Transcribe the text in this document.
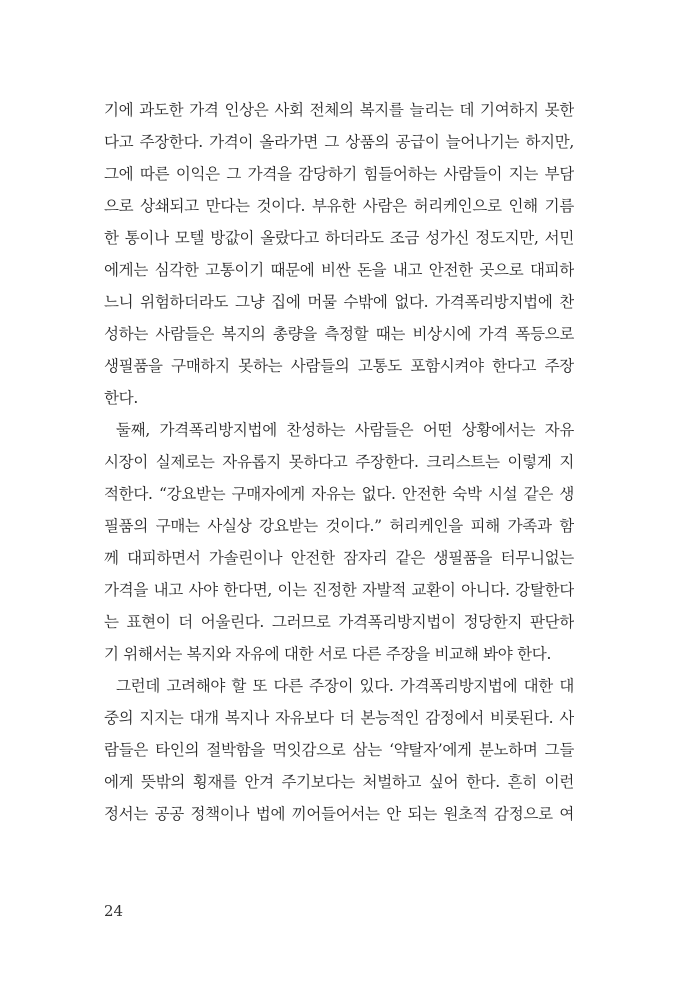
기에 과도한 가격 인상은 사회 전체의 복지를 늘리는 데 기여하지 못한
다고 주장한다. 가격이 올라가면 그 상품의 공급이 늘어나기는 하지만,
그에 따른 이익은 그 가격을 감당하기 힘들어하는 사람들이 지는 부담
으로 상쇄되고 만다는 것이다. 부유한 사람은 허리케인으로 인해 기름
한 통이나 모텔 방값이 올랐다고 하더라도 조금 성가신 정도지만, 서민
에게는 심각한 고통이기 때문에 비싼 돈을 내고 안전한 곳으로 대피하
느니 위험하더라도 그냥 집에 머물 수밖에 없다. 가격폭리방지법에 찬
성하는 사람들은 복지의 총량을 측정할 때는 비상시에 가격 폭등으로
생필품을 구매하지 못하는 사람들의 고통도 포함시켜야 한다고 주장
한다.
둘째, 가격폭리방지법에 찬성하는 사람들은 어떤 상황에서는 자유
시장이 실제로는 자유롭지 못하다고 주장한다. 크리스트는 이렇게 지
적한다. “강요받는 구매자에게 자유는 없다. 안전한 숙박 시설 같은 생
필품의 구매는 사실상 강요받는 것이다.” 허리케인을 피해 가족과 함
께 대피하면서 가솔린이나 안전한 잠자리 같은 생필품을 터무니없는
가격을 내고 사야 한다면, 이는 진정한 자발적 교환이 아니다. 강탈한다
는 표현이 더 어울린다. 그러므로 가격폭리방지법이 정당한지 판단하
기 위해서는 복지와 자유에 대한 서로 다른 주장을 비교해 봐야 한다.
그런데 고려해야 할 또 다른 주장이 있다. 가격폭리방지법에 대한 대
중의 지지는 대개 복지나 자유보다 더 본능적인 감정에서 비롯된다. 사
람들은 타인의 절박함을 먹잇감으로 삼는 ‘약탈자’에게 분노하며 그들
에게 뜻밖의 횡재를 안겨 주기보다는 처벌하고 싶어 한다. 흔히 이런
정서는 공공 정책이나 법에 끼어들어서는 안 되는 원초적 감정으로 여
24
